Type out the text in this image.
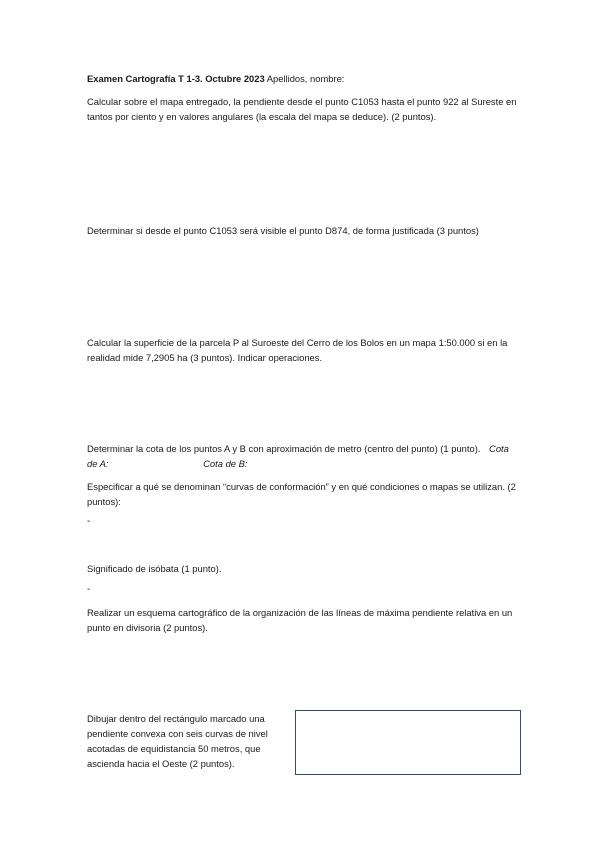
Examen Cartografía T 1-3. Octubre 2023 Apellidos, nombre:
Calcular sobre el mapa entregado, la pendiente desde el punto C1053 hasta el punto 922 al Sureste en tantos por ciento y en valores angulares (la escala del mapa se deduce). (2 puntos).
Determinar si desde el punto C1053 será visible el punto D874, de forma justificada (3 puntos)
Calcular la superficie de la parcela P al Suroeste del Cerro de los Bolos en un mapa 1:50.000 si en la realidad mide 7,2905 ha (3 puntos). Indicar operaciones.
Determinar la cota de los puntos A y B con aproximación de metro (centro del punto) (1 punto). Cota de A:	Cota de B:
Especificar a qué se denominan “curvas de conformación” y en qué condiciones o mapas se utilizan. (2 puntos):
-
Significado de isóbata (1 punto).
-
Realizar un esquema cartográfico de la organización de las líneas de máxima pendiente relativa en un punto en divisoria (2 puntos).
Dibujar dentro del rectángulo marcado una pendiente convexa con seis curvas de nivel acotadas de equidistancia 50 metros, que ascienda hacia el Oeste (2 puntos).
